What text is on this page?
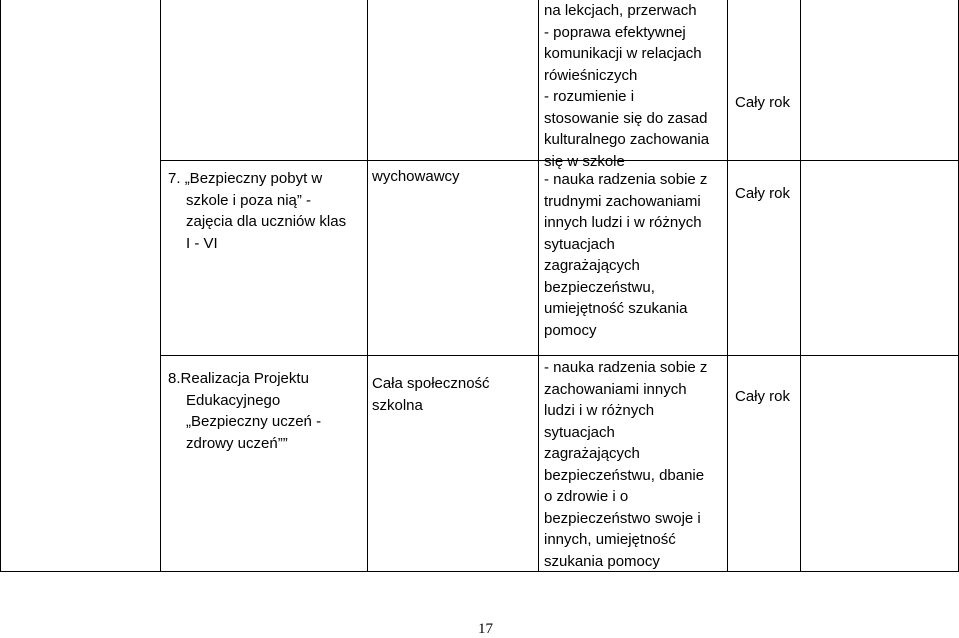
na lekcjach, przerwach
- poprawa efektywnej
komunikacji w relacjach
rówieśniczych
- rozumienie i
stosowanie się do zasad
kulturalnego zachowania
się w szkole
Cały rok
7. „Bezpieczny pobyt w
szkole i poza nią” -
zajęcia dla uczniów klas
I - VI
wychowawcy	- nauka radzenia sobie z
trudnymi zachowaniami
innych ludzi i w różnych
sytuacjach
zagrażających
bezpieczeństwu,
umiejętność szukania
pomocy
Cały rok
8.Realizacja Projektu
Edukacyjnego
„Bezpieczny uczeń -
zdrowy uczeń””
Cała społeczność
szkolna
- nauka radzenia sobie z
zachowaniami innych
ludzi i w różnych
sytuacjach
zagrażających
bezpieczeństwu, dbanie
o zdrowie i o
bezpieczeństwo swoje i
innych, umiejętność
szukania pomocy
Cały rok
17
